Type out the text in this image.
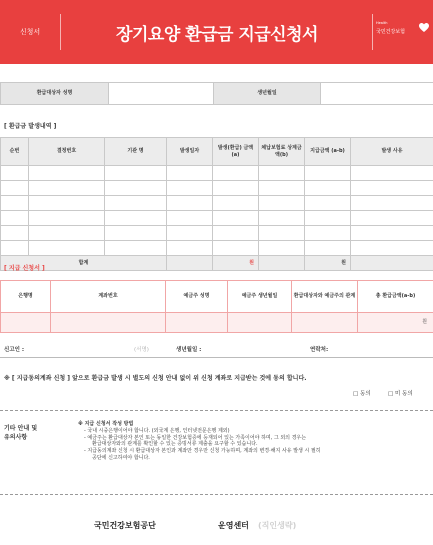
신청서	장기요양 환급금 지급신청서
Health
국민건강보험
환급대상자 성명		생년월일	
[ 환급금 발생내역 ]
순번	결정번호	기관 명	발생일자	발생(환급) 금액(a)	체납보험료 상계금액(b)	지급금액 (a-b)	발생 사유

합계				원		원	
[ 지급 신청서 ]
은행명	계좌번호	예금주 성명	예금주 생년월일	환급대상자와 예금주의 관계	총 환급금액(a-b)
					원
신고인 :	(서명)	생년월일 :	연락처:
※ [ 지급동의계좌 신청 ] 앞으로 환급금 발생 시 별도의 신청 안내 없이 위 신청 계좌로 지급받는 것에 동의 합니다.
□ 동의	□ 미 동의
기타 안내 및
유의사항
※ 지급 신청서 작성 방법
- 국내 시중은행이어야 합니다. (외국계 은행, 인터넷전문은행 제외)
- 예금주는 환급대상자 본인 또는 동일한 건강보험증에 등재되어 있는 가족이어야 하며, 그 외의 경우는
환급대상자와의 관계를 확인할 수 있는 증빙서류 제출을 요구할 수 있습니다.
- 지급동의계좌 신청 시 환급대상자 본인과 계좌만 경우만 신청 가능하며, 계좌의 변경·해지 사유 발생 시 필히
공단에 신고하여야 합니다.
국민건강보험공단	운영센터 (직인생략)
